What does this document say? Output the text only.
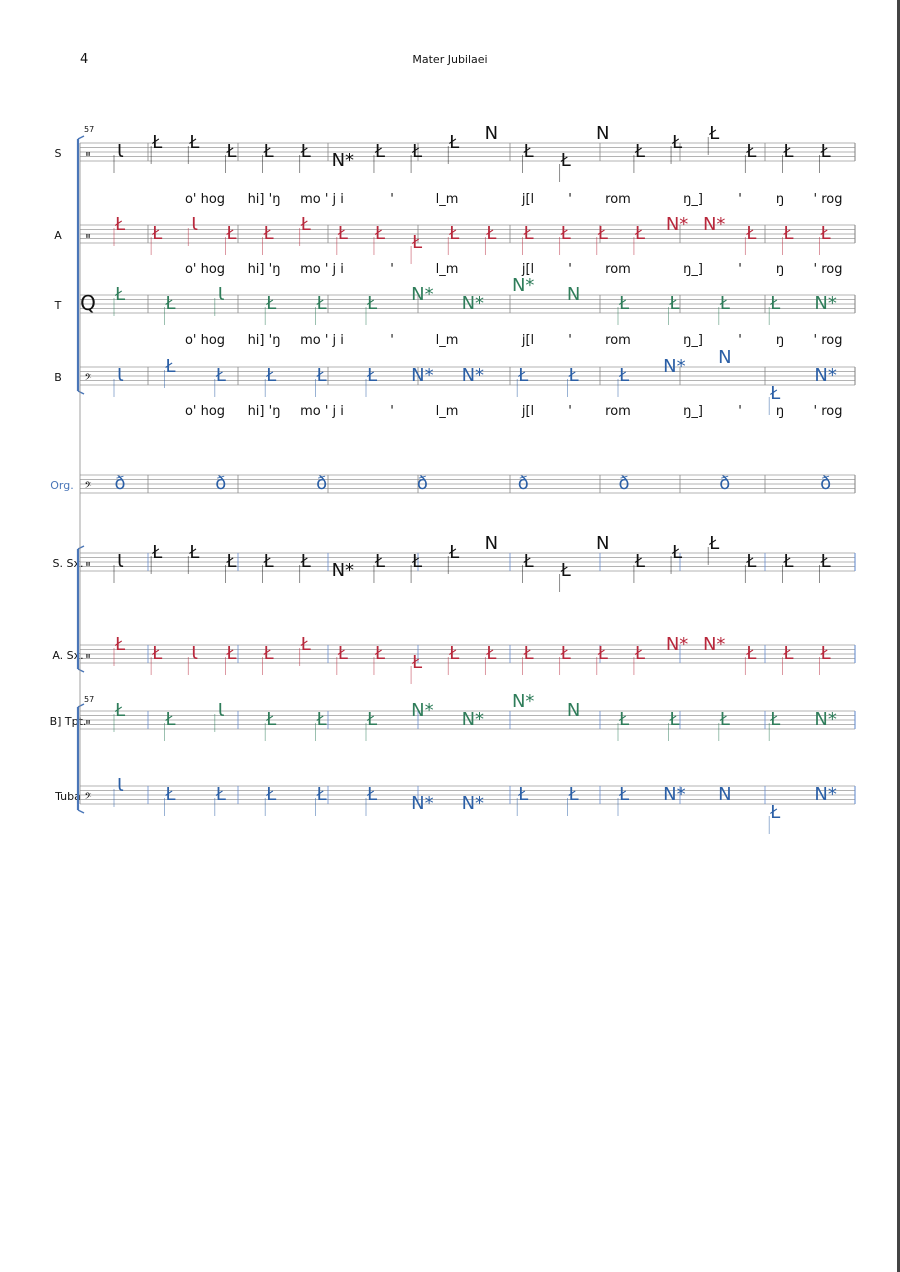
4	Mater Jubilaei
57
57
S 𝄥 Ɩ Ł Ł Ł Ł Ł N* Ł Ł Ł N
Ł Ł
N
Ł Ł Ł
Ł Ł Ł
o' hog hi] 'ŋ mo ' j i	'	l_m	j[l	'	rom	ŋ_]	'	ŋ ' rog
A 𝄥
Ł Ł Ɩ Ł Ł Ł Ł Ł Ł Ł Ł Ł Ł Ł Ł N* N* Ł Ł Ł
o' hog hi] 'ŋ mo ' j i	'	l_m	j[l	'	rom	ŋ_]	'	ŋ ' rog
T Q Ł Ł Ɩ Ł Ł Ł N* N*
N* N Ł Ł Ł Ł N*
o' hog hi] 'ŋ mo ' j i	'	l_m	j[l	'	rom	ŋ_]	'	ŋ ' rog
B 𝄢 Ɩ Ł Ł Ł Ł Ł N* N* Ł Ł Ł N* N
Ł
N*
o' hog hi] 'ŋ mo ' j i	'	l_m	j[l	'	rom	ŋ_]	'	ŋ ' rog
Org. 𝄢 ð	ð	ð	ð	ð	ð	ð	ð
S. Sx. 𝄥 Ɩ Ł Ł Ł Ł Ł N* Ł Ł Ł N
Ł Ł
N
Ł Ł Ł
Ł Ł Ł
A. Sx. 𝄥
Ł Ł Ɩ Ł Ł Ł Ł Ł Ł Ł Ł Ł Ł Ł Ł N* N* Ł Ł Ł
B] Tpt. 𝄥
Ł Ł Ɩ Ł Ł Ł N* N*
N* N Ł Ł Ł Ł N*
Tuba 𝄢
Ɩ Ł Ł Ł Ł Ł N* N* Ł Ł Ł N* N
Ł
N*
